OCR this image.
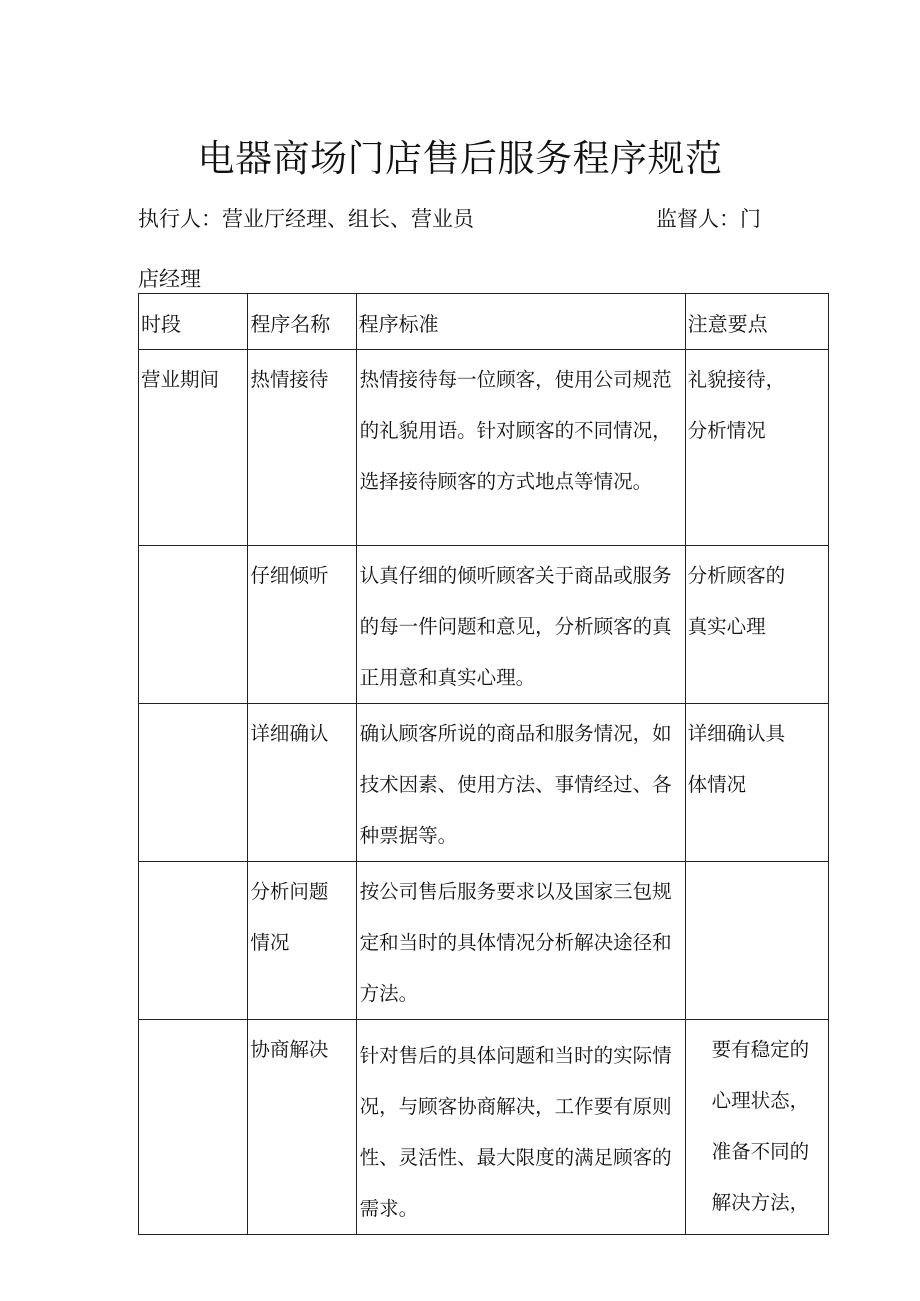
电器商场门店售后服务程序规范
执行人：营业厅经理、组长、营业员	监督人：门
店经理
时段	程序名称	程序标准	注意要点

营业期间	热情接待	热情接待每一位顾客，使用公司规范的礼貌用语。针对顾客的不同情况，选择接待顾客的方式地点等情况。	礼貌接待，分析情况

	仔细倾听	认真仔细的倾听顾客关于商品或服务的每一件问题和意见，分析顾客的真正用意和真实心理。	分析顾客的真实心理

	详细确认	确认顾客所说的商品和服务情况，如技术因素、使用方法、事情经过、各种票据等。	详细确认具体情况

	分析问题情况	按公司售后服务要求以及国家三包规定和当时的具体情况分析解决途径和方法。	

	协商解决	针对售后的具体问题和当时的实际情况，与顾客协商解决，工作要有原则性、灵活性、最大限度的满足顾客的需求。	要有稳定的心理状态，准备不同的解决方法，
